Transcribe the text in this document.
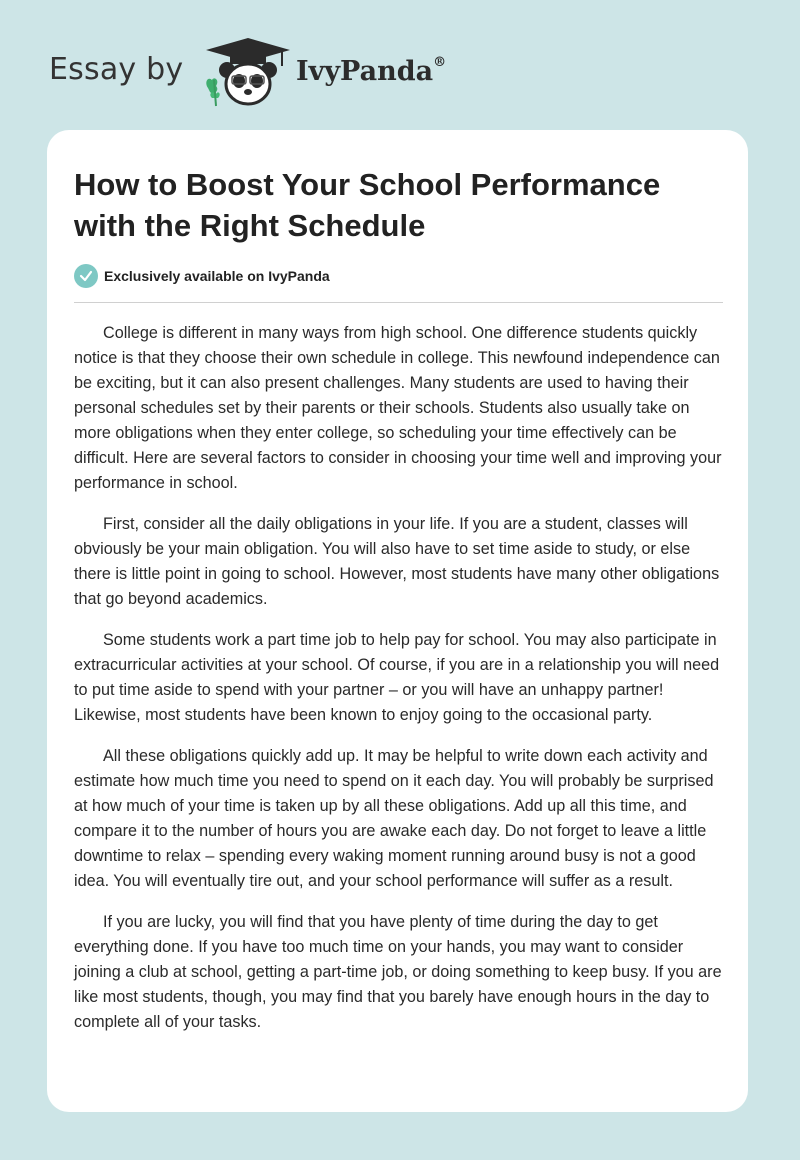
Essay by	IvyPanda®
How to Boost Your School Performance with the Right Schedule
Exclusively available on IvyPanda

College is different in many ways from high school. One difference students quickly notice is that they choose their own schedule in college. This newfound independence can be exciting, but it can also present challenges. Many students are used to having their personal schedules set by their parents or their schools. Students also usually take on more obligations when they enter college, so scheduling your time effectively can be difficult. Here are several factors to consider in choosing your time well and improving your performance in school.

First, consider all the daily obligations in your life. If you are a student, classes will obviously be your main obligation. You will also have to set time aside to study, or else there is little point in going to school. However, most students have many other obligations that go beyond academics.

Some students work a part time job to help pay for school. You may also participate in extracurricular activities at your school. Of course, if you are in a relationship you will need to put time aside to spend with your partner – or you will have an unhappy partner! Likewise, most students have been known to enjoy going to the occasional party.

All these obligations quickly add up. It may be helpful to write down each activity and estimate how much time you need to spend on it each day. You will probably be surprised at how much of your time is taken up by all these obligations. Add up all this time, and compare it to the number of hours you are awake each day. Do not forget to leave a little downtime to relax – spending every waking moment running around busy is not a good idea. You will eventually tire out, and your school performance will suffer as a result.

If you are lucky, you will find that you have plenty of time during the day to get everything done. If you have too much time on your hands, you may want to consider joining a club at school, getting a part-time job, or doing something to keep busy. If you are like most students, though, you may find that you barely have enough hours in the day to complete all of your tasks.
